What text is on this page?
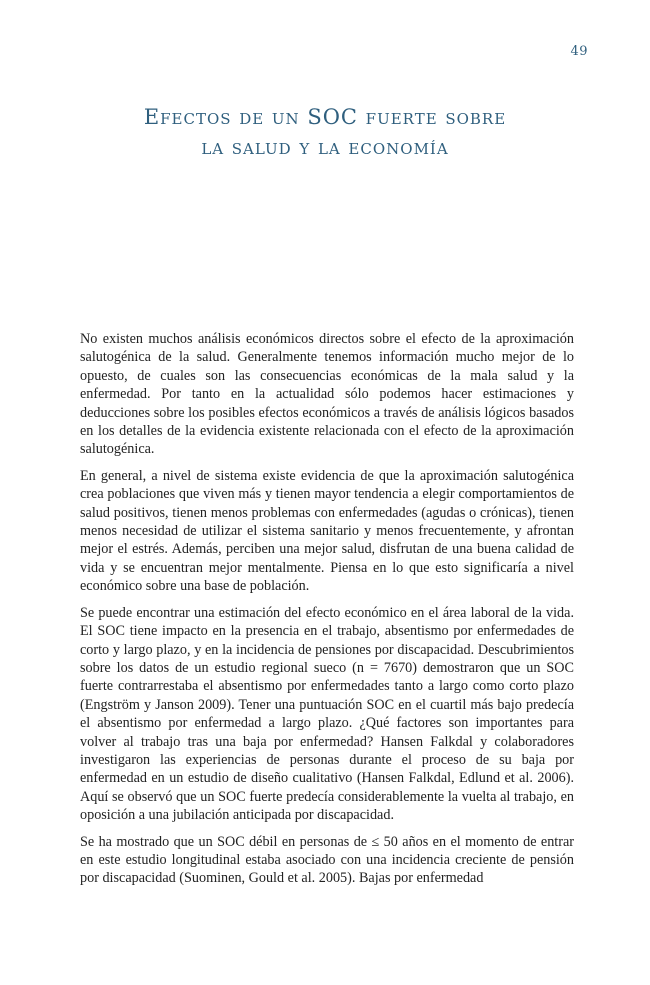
49
Efectos de un SOC fuerte sobre
la salud y la economía

No existen muchos análisis económicos directos sobre el efecto de la aproximación salutogénica de la salud. Generalmente tenemos información mucho mejor de lo opuesto, de cuales son las consecuencias económicas de la mala salud y la enfermedad. Por tanto en la actualidad sólo podemos hacer estimaciones y deducciones sobre los posibles efectos económicos a través de análisis lógicos basados en los detalles de la evidencia existente relacionada con el efecto de la aproximación salutogénica.

En general, a nivel de sistema existe evidencia de que la aproximación salutogénica crea poblaciones que viven más y tienen mayor tendencia a elegir comportamientos de salud positivos, tienen menos problemas con enfermedades (agudas o crónicas), tienen menos necesidad de utilizar el sistema sanitario y menos frecuentemente, y afrontan mejor el estrés. Además, perciben una mejor salud, disfrutan de una buena calidad de vida y se encuentran mejor mentalmente. Piensa en lo que esto significaría a nivel económico sobre una base de población.

Se puede encontrar una estimación del efecto económico en el área laboral de la vida. El SOC tiene impacto en la presencia en el trabajo, absentismo por enfermedades de corto y largo plazo, y en la incidencia de pensiones por discapacidad. Descubrimientos sobre los datos de un estudio regional sueco (n = 7670) demostraron que un SOC fuerte contrarrestaba el absentismo por enfermedades tanto a largo como corto plazo (Engström y Janson 2009). Tener una puntuación SOC en el cuartil más bajo predecía el absentismo por enfermedad a largo plazo. ¿Qué factores son importantes para volver al trabajo tras una baja por enfermedad? Hansen Falkdal y colaboradores investigaron las experiencias de personas durante el proceso de su baja por enfermedad en un estudio de diseño cualitativo (Hansen Falkdal, Edlund et al. 2006). Aquí se observó que un SOC fuerte predecía considerablemente la vuelta al trabajo, en oposición a una jubilación anticipada por discapacidad.

Se ha mostrado que un SOC débil en personas de ≤ 50 años en el momento de entrar en este estudio longitudinal estaba asociado con una incidencia creciente de pensión por discapacidad (Suominen, Gould et al. 2005). Bajas por enfermedad
